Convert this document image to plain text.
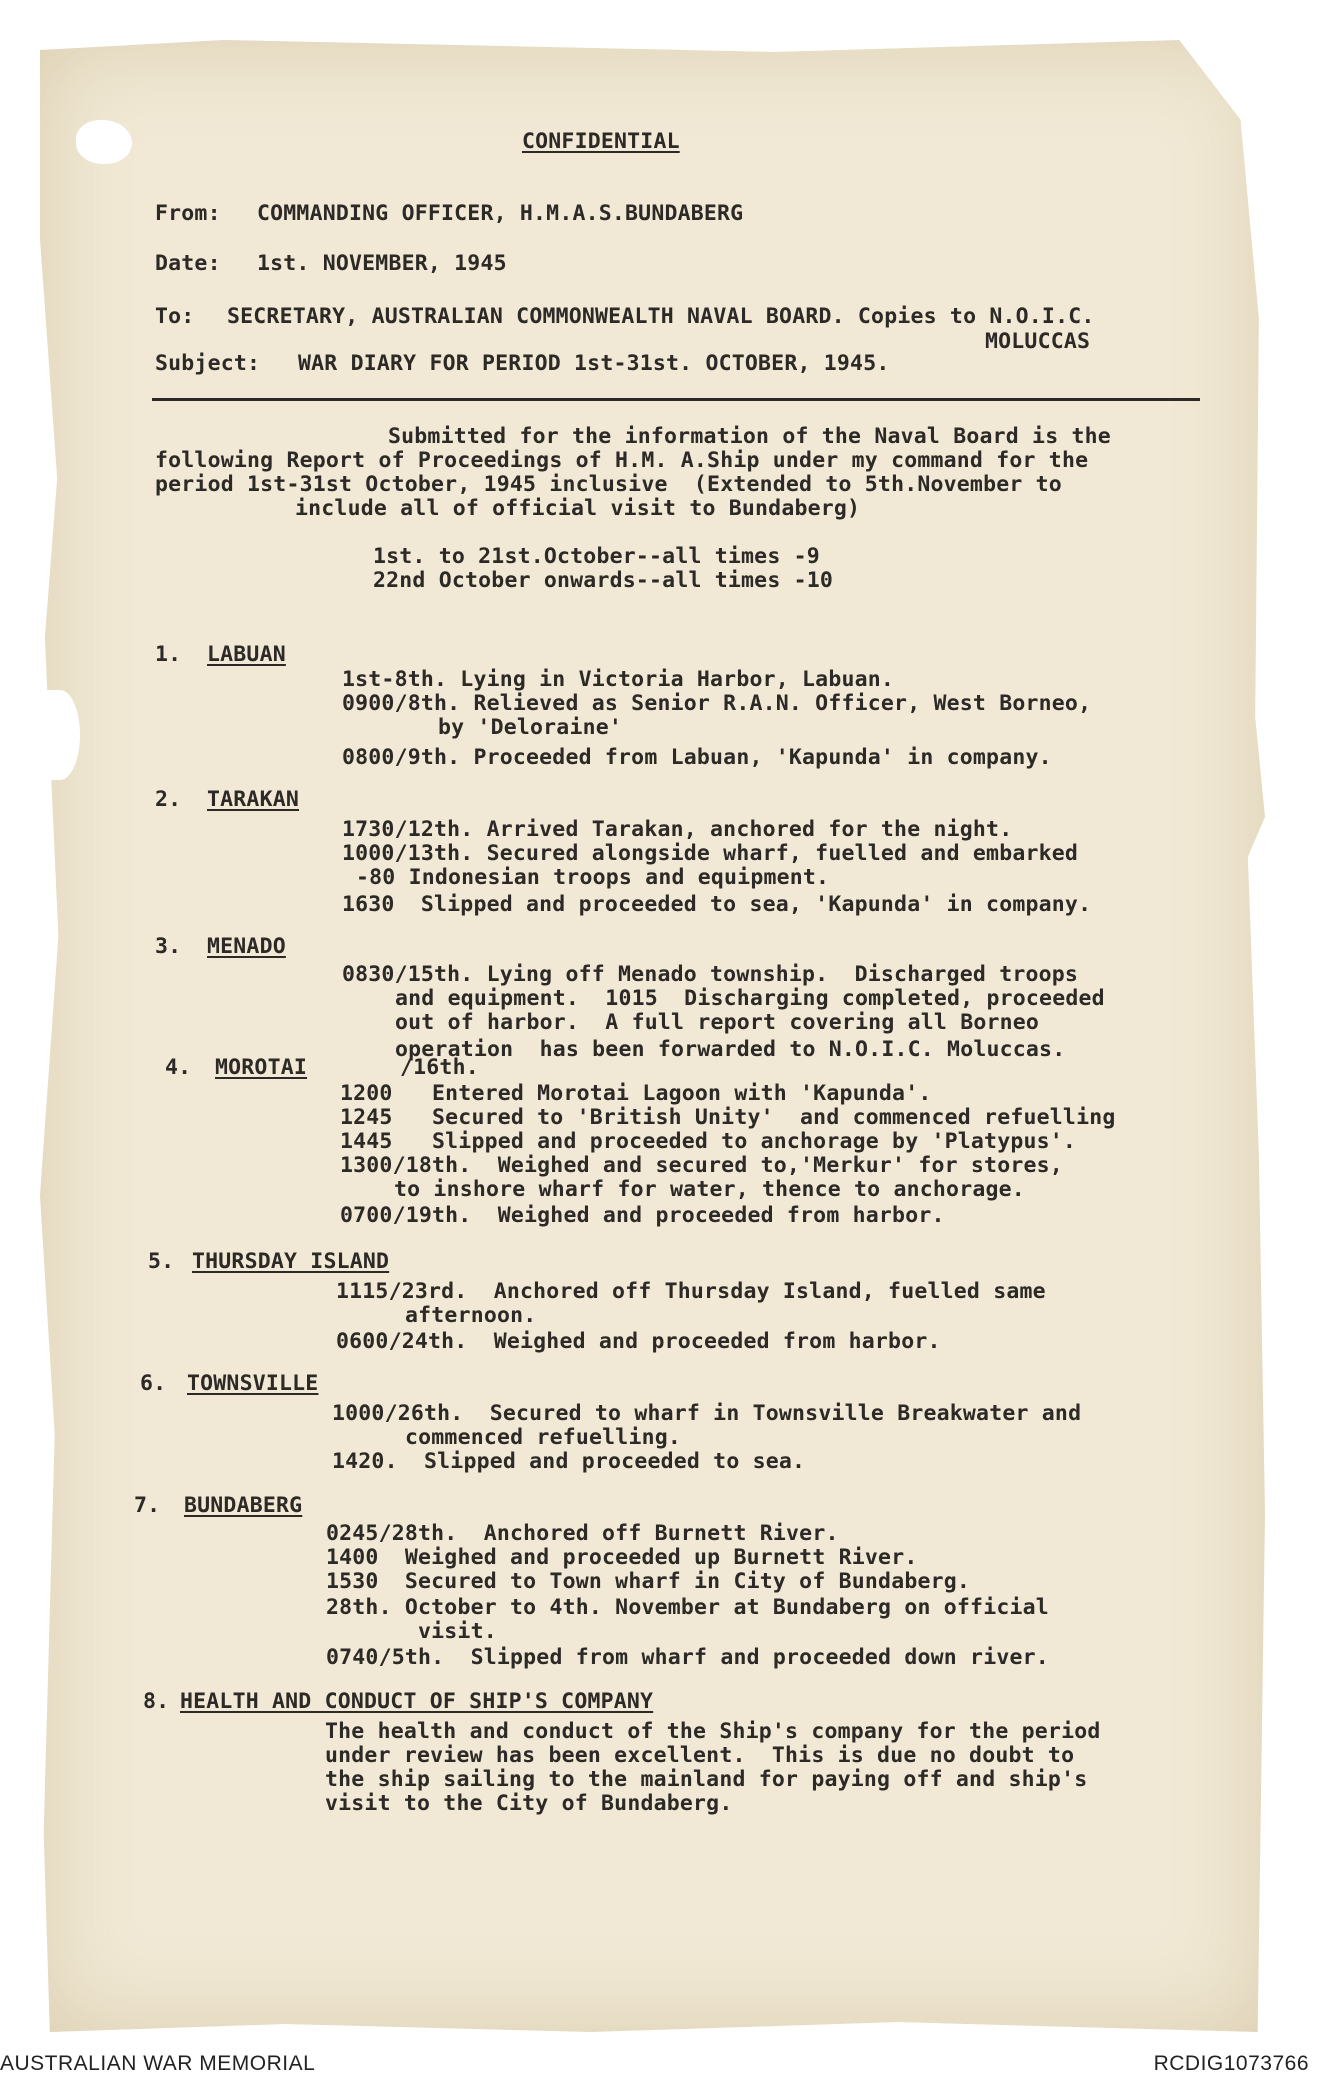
CONFIDENTIAL
From: COMMANDING OFFICER, H.M.A.S.BUNDABERG
Date: 1st. NOVEMBER, 1945
To: SECRETARY, AUSTRALIAN COMMONWEALTH NAVAL BOARD. Copies to N.O.I.C.
MOLUCCAS
Subject: WAR DIARY FOR PERIOD 1st-31st. OCTOBER, 1945.
Submitted for the information of the Naval Board is the
following Report of Proceedings of H.M. A.Ship under my command for the
period 1st-31st October, 1945 inclusive  (Extended to 5th.November to
include all of official visit to Bundaberg)
1st. to 21st.October--all times -9
22nd October onwards--all times -10
1. LABUAN
1st-8th. Lying in Victoria Harbor, Labuan.
0900/8th. Relieved as Senior R.A.N. Officer, West Borneo,
by 'Deloraine'
0800/9th. Proceeded from Labuan, 'Kapunda' in company.
2. TARAKAN
1730/12th. Arrived Tarakan, anchored for the night.
1000/13th. Secured alongside wharf, fuelled and embarked
-80 Indonesian troops and equipment.
1630  Slipped and proceeded to sea, 'Kapunda' in company.
3. MENADO
0830/15th. Lying off Menado township.  Discharged troops
and equipment.  1015  Discharging completed, proceeded
out of harbor.  A full report covering all Borneo
operation  has been forwarded to N.O.I.C. Moluccas.
4. MOROTAI	/16th.
1200   Entered Morotai Lagoon with 'Kapunda'.
1245   Secured to 'British Unity'  and commenced refuelling
1445   Slipped and proceeded to anchorage by 'Platypus'.
1300/18th.  Weighed and secured to,'Merkur' for stores,
to inshore wharf for water, thence to anchorage.
0700/19th.  Weighed and proceeded from harbor.
5. THURSDAY ISLAND
1115/23rd.  Anchored off Thursday Island, fuelled same
afternoon.
0600/24th.  Weighed and proceeded from harbor.
6. TOWNSVILLE
1000/26th.  Secured to wharf in Townsville Breakwater and
commenced refuelling.
1420.  Slipped and proceeded to sea.
7. BUNDABERG
0245/28th.  Anchored off Burnett River.
1400  Weighed and proceeded up Burnett River.
1530  Secured to Town wharf in City of Bundaberg.
28th. October to 4th. November at Bundaberg on official
visit.
0740/5th.  Slipped from wharf and proceeded down river.
8. HEALTH AND CONDUCT OF SHIP'S COMPANY
The health and conduct of the Ship's company for the period
under review has been excellent.  This is due no doubt to
the ship sailing to the mainland for paying off and ship's
visit to the City of Bundaberg.
AUSTRALIAN WAR MEMORIAL	RCDIG1073766
